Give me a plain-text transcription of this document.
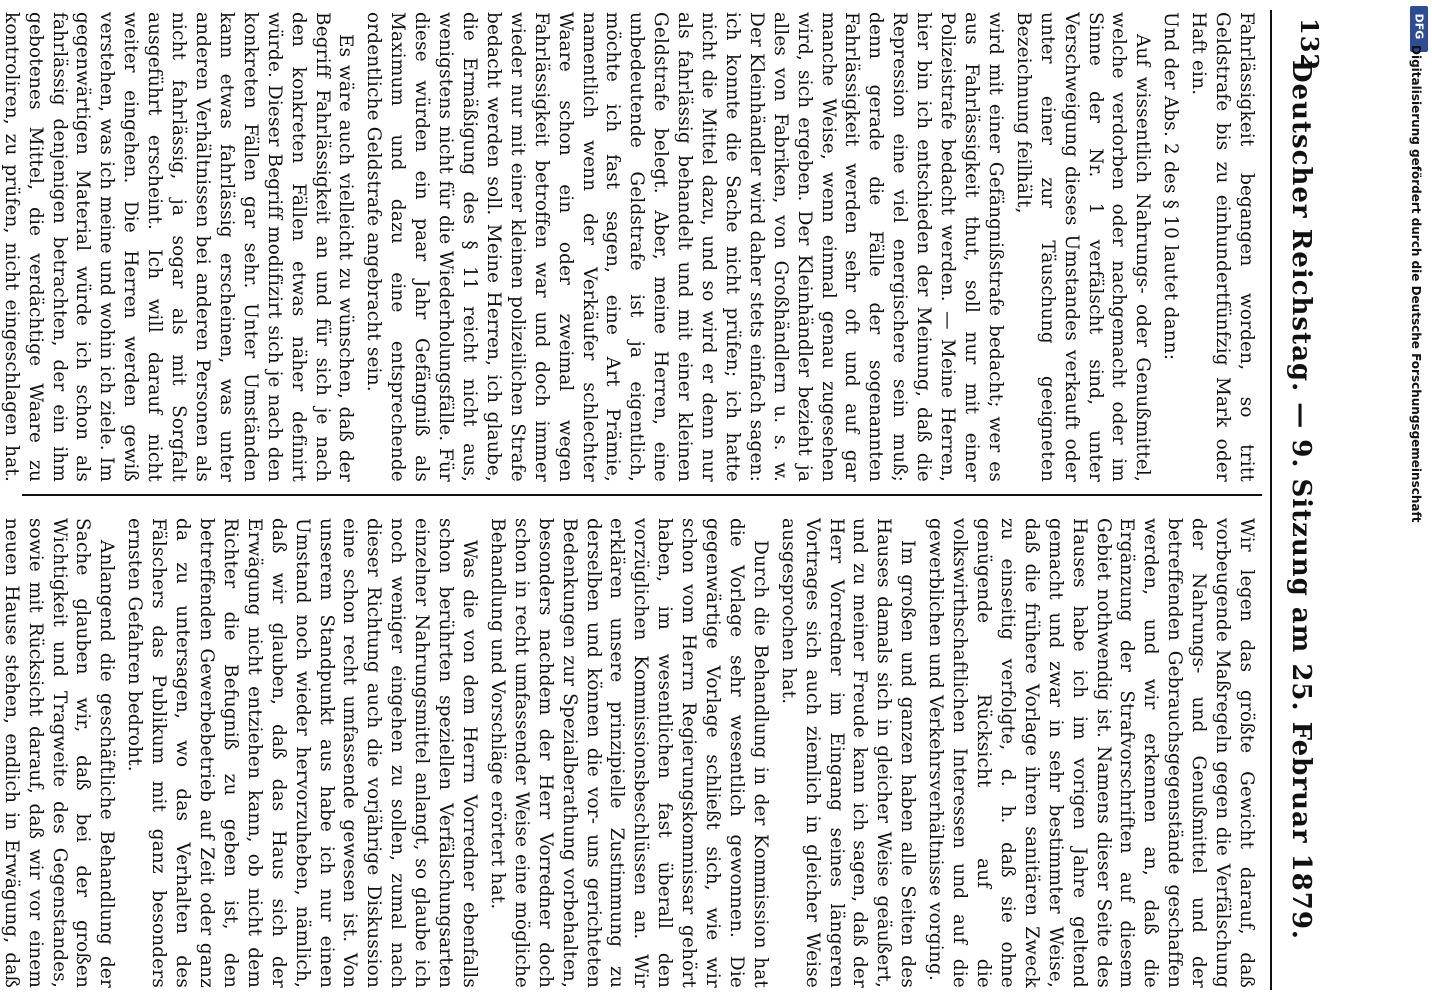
132
Deutscher Reichstag. — 9. Sitzung am 25. Februar 1879.

Fahrlässigkeit begangen worden, so tritt Geldstrafe bis zu einhundertfünfzig Mark oder Haft ein.

Und der Abs. 2 des § 10 lautet dann:

Auf wissentlich Nahrungs- oder Genußmittel, welche verdorben oder nachgemacht oder im Sinne der Nr. 1 verfälscht sind, unter Verschweigung dieses Umstandes verkauft oder unter einer zur Täuschung geeigneten Bezeichnung feilhält,

wird mit einer Gefängnißstrafe bedacht; wer es aus Fahrlässigkeit thut, soll nur mit einer Polizeistrafe bedacht werden. — Meine Herren, hier bin ich entschieden der Meinung, daß die Repression eine viel energischere sein muß; denn gerade die Fälle der sogenannten Fahrlässigkeit werden sehr oft und auf gar manche Weise, wenn einmal genau zugesehen wird, sich ergeben. Der Kleinhändler bezieht ja alles von Fabriken, von Großhändlern u. s. w. Der Kleinhändler wird daher stets einfach sagen: ich konnte die Sache nicht prüfen; ich hatte nicht die Mittel dazu, und so wird er denn nur als fahrlässig behandelt und mit einer kleinen Geldstrafe belegt. Aber, meine Herren, eine unbedeutende Geldstrafe ist ja eigentlich, möchte ich fast sagen, eine Art Prämie, namentlich wenn der Verkäufer schlechter Waare schon ein oder zweimal wegen Fahrlässigkeit betroffen war und doch immer wieder nur mit einer kleinen polizeilichen Strafe bedacht werden soll. Meine Herren, ich glaube, die Ermäßigung des § 11 reicht nicht aus, wenigstens nicht für die Wiederholungsfälle. Für diese würden ein paar Jahr Gefängniß als Maximum und dazu eine entsprechende ordentliche Geldstrafe angebracht sein.

Es wäre auch vielleicht zu wünschen, daß der Begriff Fahrlässigkeit an und für sich je nach den konkreten Fällen etwas näher definirt würde. Dieser Begriff modifizirt sich je nach den konkreten Fällen gar sehr. Unter Umständen kann etwas fahrlässig erscheinen, was unter anderen Verhältnissen bei anderen Personen als nicht fahrlässig, ja sogar als mit Sorgfalt ausgeführt erscheint. Ich will darauf nicht weiter eingehen. Die Herren werden gewiß verstehen, was ich meine und wohin ich ziele. Im gegenwärtigen Material würde ich schon als fahrlässig denjenigen betrachten, der ein ihm gebotenes Mittel, die verdächtige Waare zu kontroliren, zu prüfen, nicht eingeschlagen hat.

Wir legen das größte Gewicht darauf, daß vorbeugende Maßregeln gegen die Verfälschung der Nahrungs- und Genußmittel und der betreffenden Gebrauchsgegenstände geschaffen werden, und wir erkennen an, daß die Ergänzung der Strafvorschriften auf diesem Gebiet nothwendig ist. Namens dieser Seite des Hauses habe ich im vorigen Jahre geltend gemacht und zwar in sehr bestimmter Weise, daß die frühere Vorlage ihren sanitären Zweck zu einseitig verfolgte, d. h. daß sie ohne genügende Rücksicht auf die volkswirthschaftlichen Interessen und auf die gewerblichen und Verkehrsverhältnisse vorging.

Im großen und ganzen haben alle Seiten des Hauses damals sich in gleicher Weise geäußert, und zu meiner Freude kann ich sagen, daß der Herr Vorredner im Eingang seines längeren Vortrages sich auch ziemlich in gleicher Weise ausgesprochen hat.

Durch die Behandlung in der Kommission hat die Vorlage sehr wesentlich gewonnen. Die gegenwärtige Vorlage schließt sich, wie wir schon vom Herrn Regierungskommissar gehört haben, im wesentlichen fast überall den vorzüglichen Kommissionsbeschlüssen an. Wir erklären unsere prinzipielle Zustimmung zu derselben und können die vor- uns gerichteten Bedenkungen zur Spezialberathung vorbehalten, besonders nachdem der Herr Vorredner doch schon in recht umfassender Weise eine mögliche Behandlung und Vorschläge erörtert hat.

Was die von dem Herrn Vorredner ebenfalls schon berührten speziellen Verfälschungsarten einzelner Nahrungsmittel anlangt, so glaube ich noch weniger eingehen zu sollen, zumal nach dieser Richtung auch die vorjährige Diskussion eine schon recht umfassende gewesen ist. Von unserem Standpunkt aus habe ich nur einen Umstand noch wieder hervorzuheben, nämlich, daß wir glauben, daß das Haus sich der Erwägung nicht entziehen kann, ob nicht dem Richter die Befugniß zu geben ist, den betreffenden Gewerbebetrieb auf Zeit oder ganz da zu untersagen, wo das Verhalten des Fälschers das Publikum mit ganz besonders ernsten Gefahren bedroht.

Anlangend die geschäftliche Behandlung der Sache glauben wir, daß bei der großen Wichtigkeit und Tragweite des Gegenstandes, sowie mit Rücksicht darauf, daß wir vor einem neuen Hause stehen, endlich in Erwägung, daß

DFG
Digitalisierung gefördert durch die Deutsche Forschungsgemeinschaft
